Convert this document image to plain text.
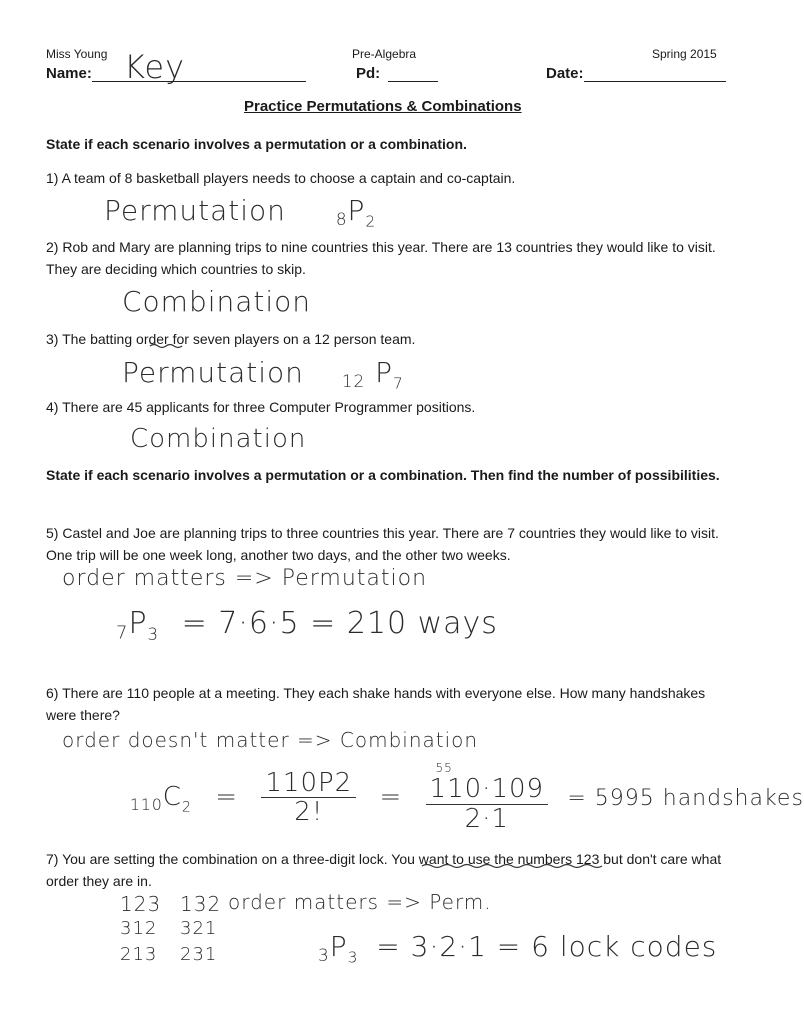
Miss Young	Pre-Algebra	Spring 2015
Name: Key	Pd:	Date:
Practice Permutations & Combinations
State if each scenario involves a permutation or a combination.
1) A team of 8 basketball players needs to choose a captain and co-captain.
Permutation	$8P_2$
2) Rob and Mary are planning trips to nine countries this year. There are 13 countries they would like to visit. They are deciding which countries to skip.
Combination
3) The batting order for seven players on a 12 person team.
Permutation 12 $P_7$
4) There are 45 applicants for three Computer Programmer positions.
Combination
State if each scenario involves a permutation or a combination. Then find the number of possibilities.
5) Castel and Joe are planning trips to three countries this year. There are 7 countries they would like to visit. One trip will be one week long, another two days, and the other two weeks.
order matters => Permutation
$7P_3 = 7\cdot 6\cdot 5 = 210$ ways
6) There are 110 people at a meeting. They each shake hands with everyone else. How many handshakes were there?
order doesn't matter => Combination
$110C_2 = \frac{110P2}{2!}$ =
55
110·109
2·1
= 5995 handshakes
7) You are setting the combination on a three-digit lock. You want to use the numbers 123 but don't care what order they are in.
123 132
312 321
213 231
order matters => Perm.
$3P_3 = 3\cdot 2\cdot 1 = 6$ lock codes
